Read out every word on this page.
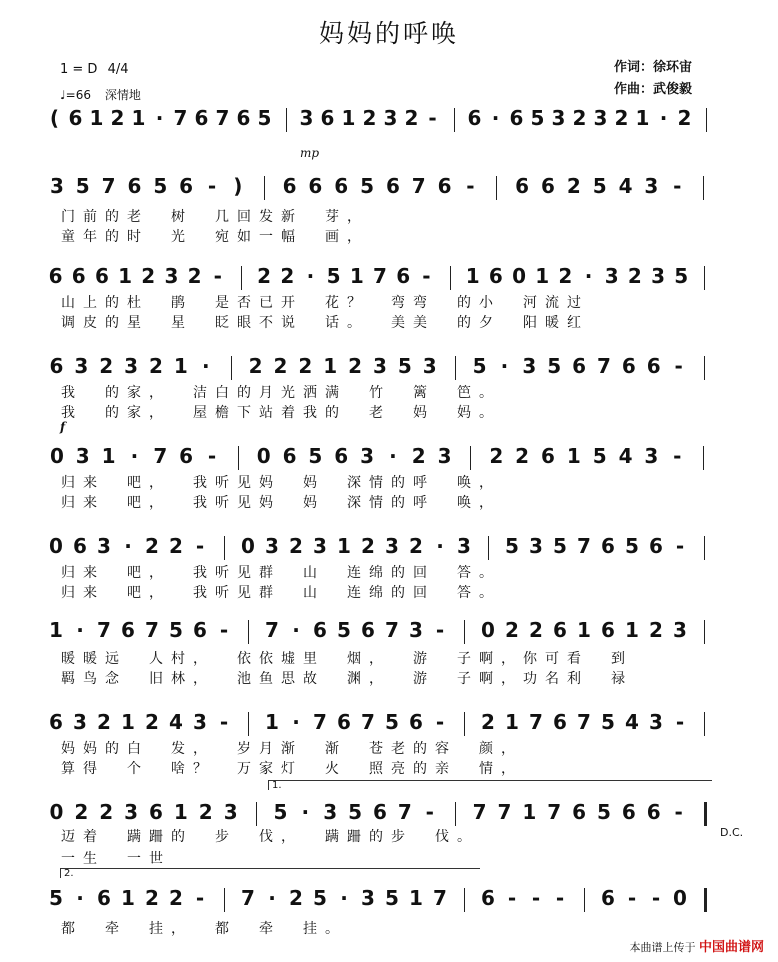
妈妈的呼唤
1 = D 4/4
♩=66 深情地
作词：徐环宙
作曲：武俊毅
( 6 1 2 1 · 7 6 7 6 5 3 6 1 2 3 2 - 6 · 6 5 3 2 3 2 1 · 2
3 5 7 6 5 6 - ) 6 6 6 5 6 7 6 - 6 6 2 5 4 3 -
6 6 6 1 2 3 2 - 2 2 · 5 1 7 6 - 1 6 0 1 2 · 3 2 3 5
6 3 2 3 2 1 · 2 2 2 1 2 3 5 3 5 · 3 5 6 7 6 6 -
0 3 1 · 7 6 - 0 6 5 6 3 · 2 3 2 2 6 1 5 4 3 -
0 6 3 · 2 2 - 0 3 2 3 1 2 3 2 · 3 5 3 5 7 6 5 6 -
1 · 7 6 7 5 6 - 7 · 6 5 6 7 3 - 0 2 2 6 1 6 1 2 3
6 3 2 1 2 4 3 - 1 · 7 6 7 5 6 - 2 1 7 6 7 5 4 3 -
0 2 2 3 6 1 2 3 5 · 3 5 6 7 - 7 7 1 7 6 5 6 6 -
5 · 6 1 2 2 - 7 · 2 5 · 3 5 1 7 6 - - - 6 - - 0
门 前 的 老 树 几 回 发 新 芽 ，
童 年 的 时 光 宛 如 一 幅 画 ，
山 上 的 杜 鹃 是 否 已 开 花 ？ 弯 弯 的 小 河 流 过
调 皮 的 星 星 眨 眼 不 说 话 。 美 美 的 夕 阳 暖 红
我 的 家 ， 洁 白 的 月 光 洒 满 竹 篱 笆 。
我 的 家 ， 屋 檐 下 站 着 我 的 老 妈 妈 。
归 来 吧 ， 我 听 见 妈 妈 深 情 的 呼 唤 ，
归 来 吧 ， 我 听 见 妈 妈 深 情 的 呼 唤 ，
归 来 吧 ， 我 听 见 群 山 连 绵 的 回 答 。
归 来 吧 ， 我 听 见 群 山 连 绵 的 回 答 。
暖 暖 远 人 村 ， 依 依 墟 里 烟 ， 游 子 啊 ， 你 可 看 到
羁 鸟 念 旧 林 ， 池 鱼 思 故 渊 ， 游 子 啊 ， 功 名 利 禄
妈 妈 的 白 发 ， 岁 月 渐 渐 苍 老 的 容 颜 ，
算 得 个 啥 ？ 万 家 灯 火 照 亮 的 亲 情 ，
迈 着 蹒 跚 的 步 伐 ， 蹒 跚 的 步 伐 。
一 生 一 世
都 牵 挂 ， 都 牵 挂 。
mp
f
D.C.
1.
2.
本曲谱上传于 中国曲谱网
